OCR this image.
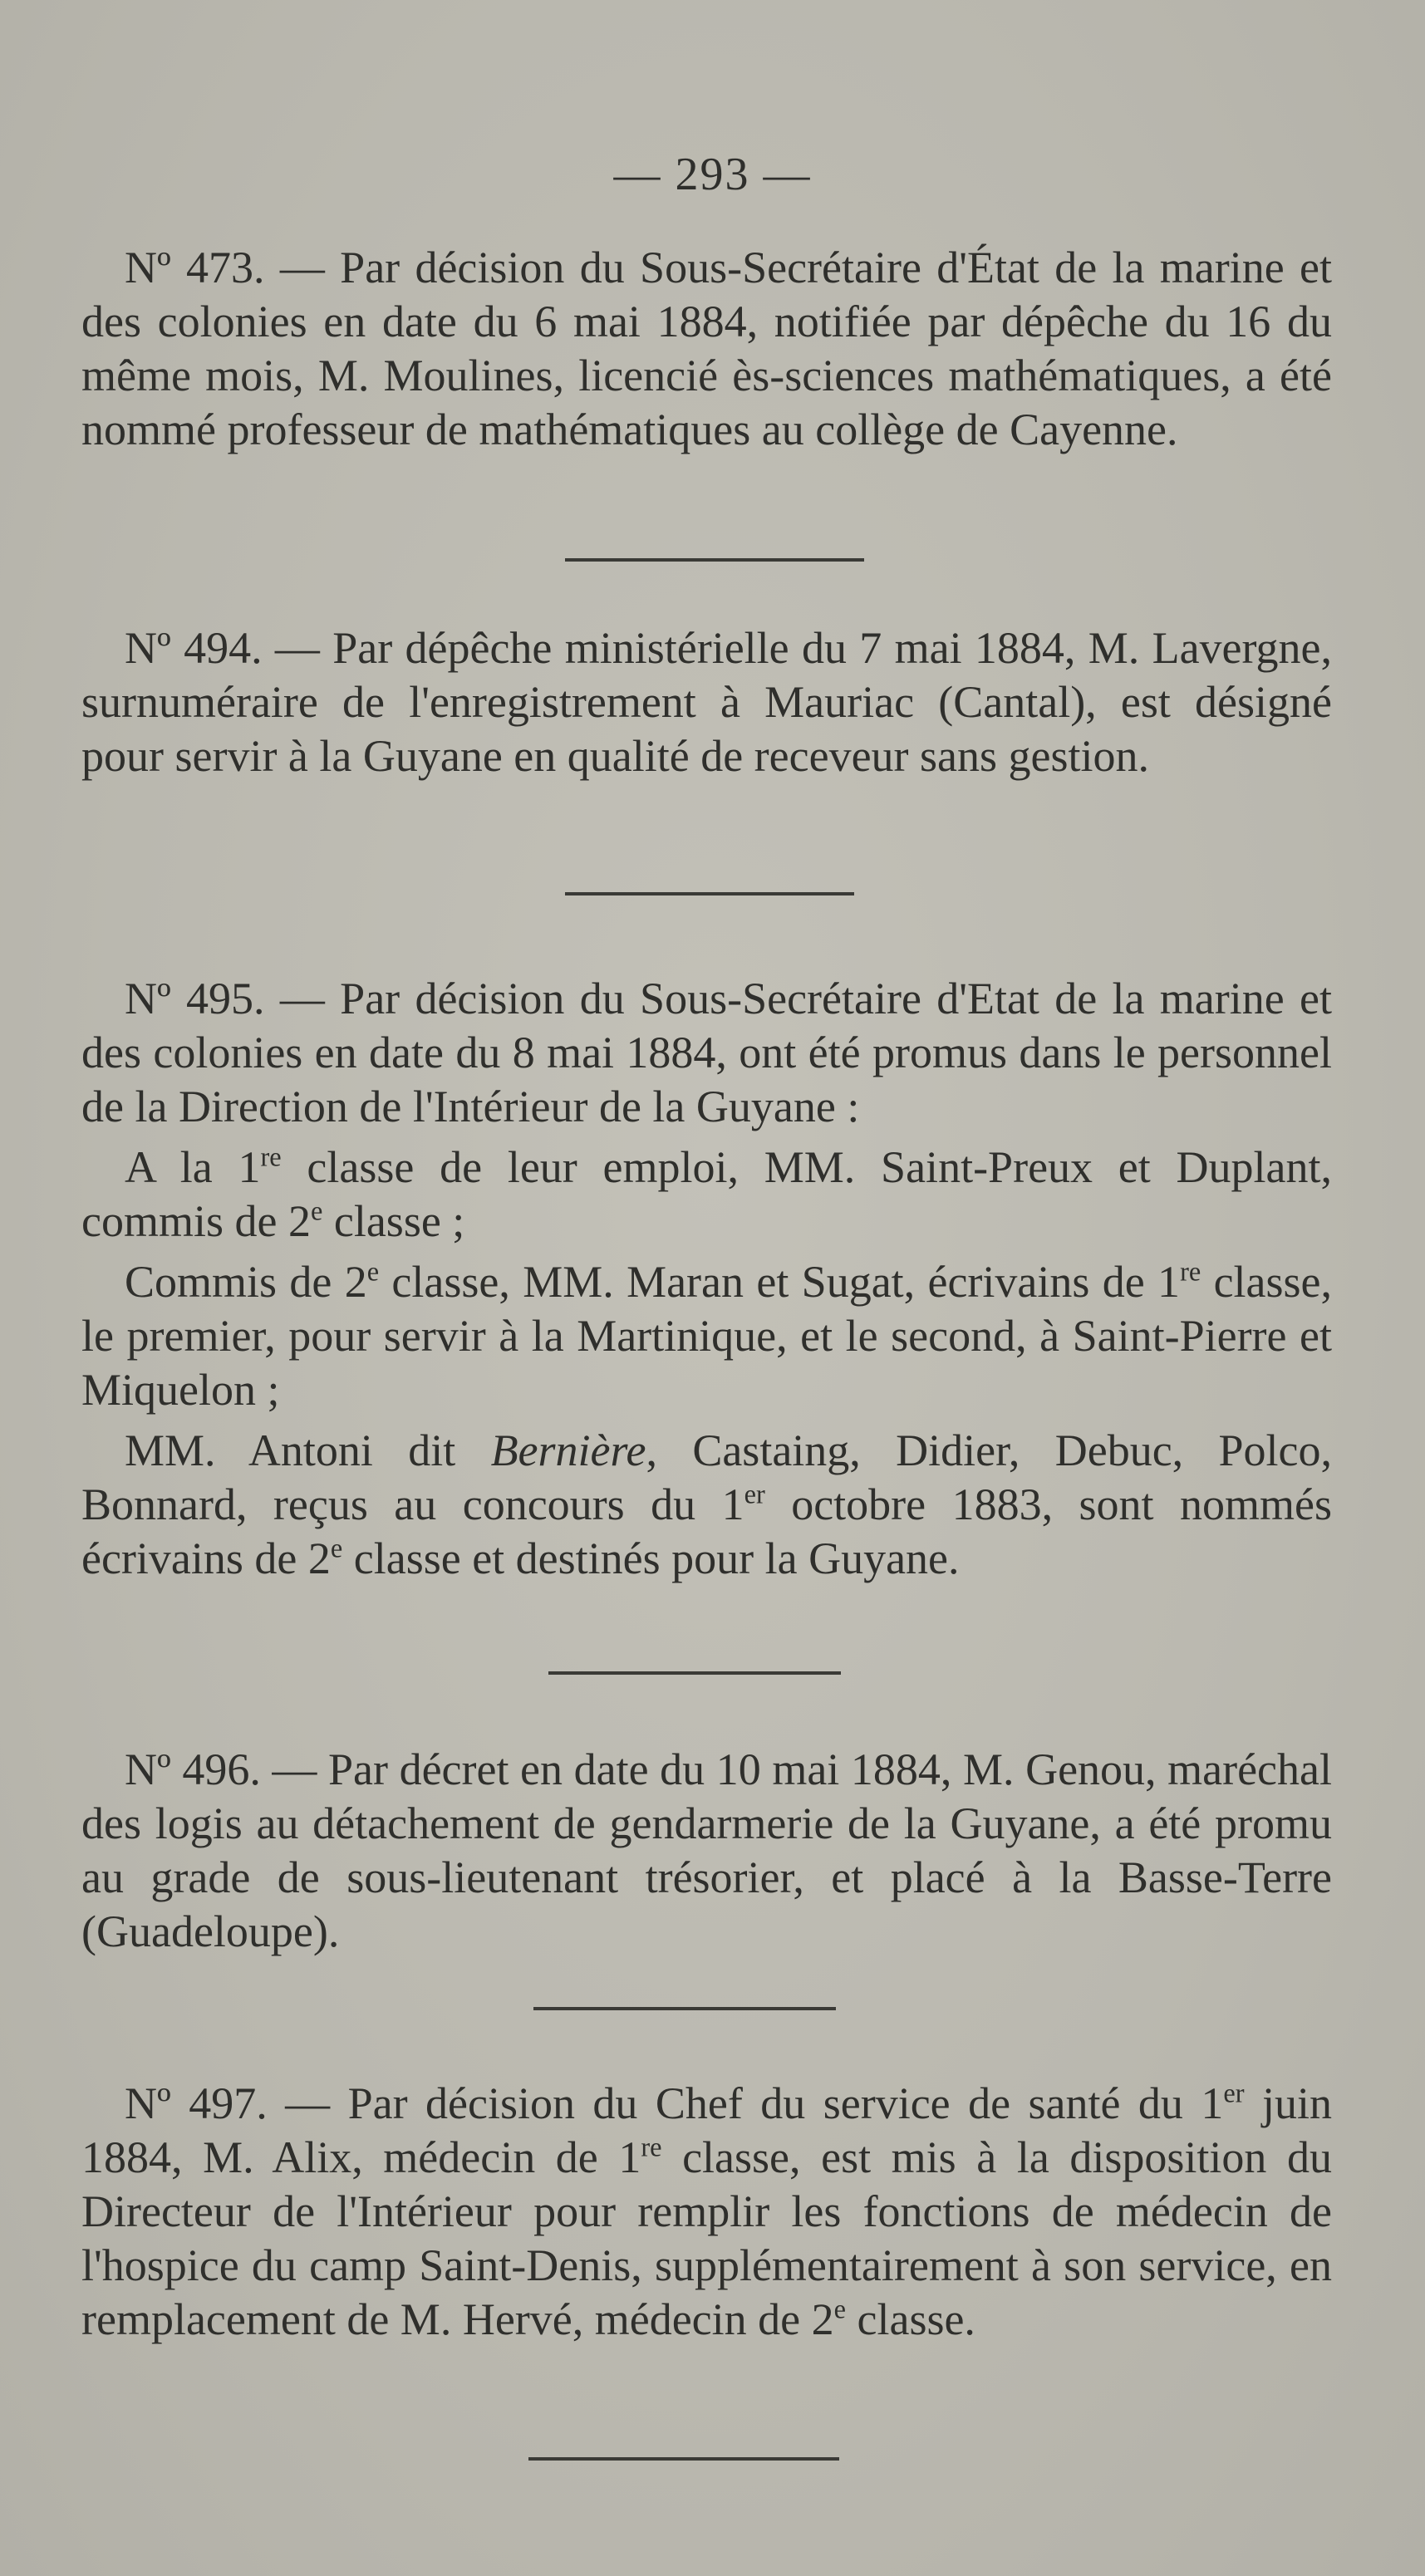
— 293 —

Nº 473. — Par décision du Sous-Secrétaire d'État de la marine et des colonies en date du 6 mai 1884, notifiée par dépêche du 16 du même mois, M. Moulines, licencié ès-sciences mathématiques, a été nommé professeur de mathématiques au collège de Cayenne.

Nº 494. — Par dépêche ministérielle du 7 mai 1884, M. Lavergne, surnuméraire de l'enregistrement à Mauriac (Cantal), est désigné pour servir à la Guyane en qualité de receveur sans gestion.

Nº 495. — Par décision du Sous-Secrétaire d'Etat de la marine et des colonies en date du 8 mai 1884, ont été promus dans le personnel de la Direction de l'Intérieur de la Guyane :

A la 1re classe de leur emploi, MM. Saint-Preux et Duplant, commis de 2e classe ;

Commis de 2e classe, MM. Maran et Sugat, écrivains de 1re classe, le premier, pour servir à la Martinique, et le second, à Saint-Pierre et Miquelon ;

MM. Antoni dit Bernière, Castaing, Didier, Debuc, Polco, Bonnard, reçus au concours du 1er octobre 1883, sont nommés écrivains de 2e classe et destinés pour la Guyane.

Nº 496. — Par décret en date du 10 mai 1884, M. Genou, maréchal des logis au détachement de gendarmerie de la Guyane, a été promu au grade de sous-lieutenant trésorier, et placé à la Basse-Terre (Guadeloupe).

Nº 497. — Par décision du Chef du service de santé du 1er juin 1884, M. Alix, médecin de 1re classe, est mis à la disposition du Directeur de l'Intérieur pour remplir les fonctions de médecin de l'hospice du camp Saint-Denis, supplémentairement à son service, en remplacement de M. Hervé, médecin de 2e classe.
